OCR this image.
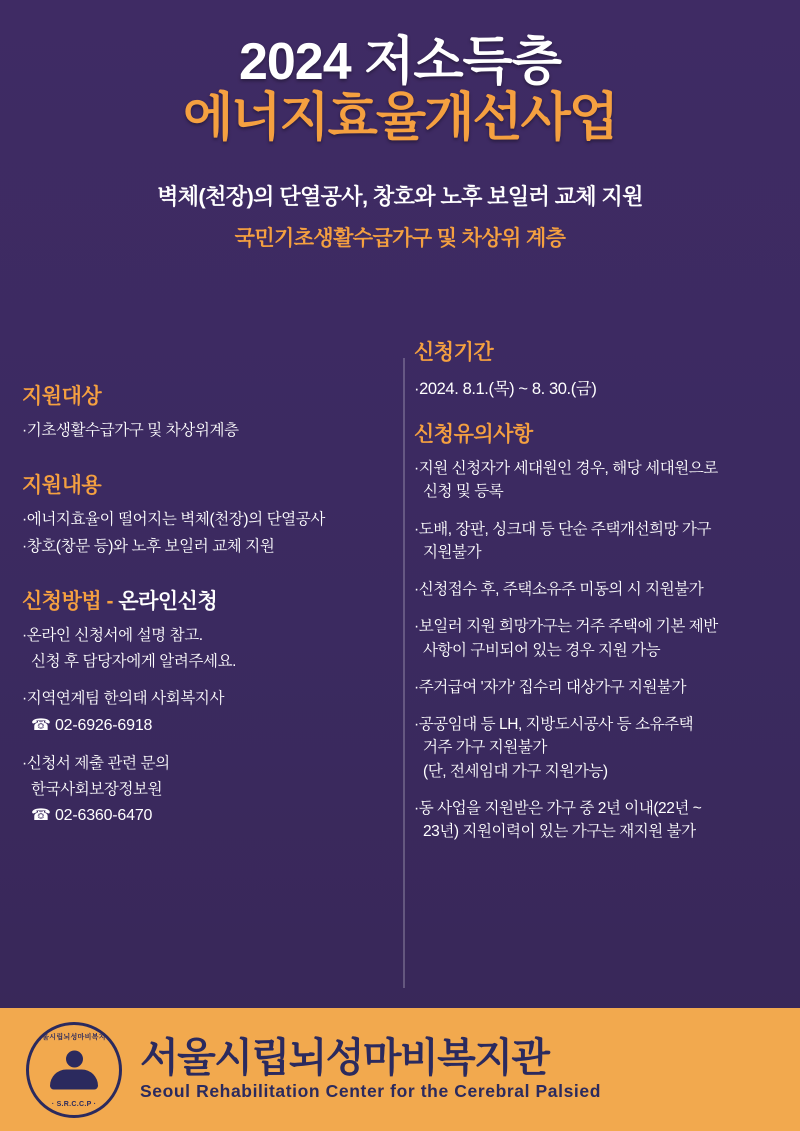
2024 저소득층
에너지효율개선사업
벽체(천장)의 단열공사, 창호와 노후 보일러 교체 지원
국민기초생활수급가구 및 차상위 계층
지원대상
·기초생활수급가구 및 차상위계층
지원내용
·에너지효율이 떨어지는 벽체(천장)의 단열공사
·창호(창문 등)와 노후 보일러 교체 지원
신청방법 - 온라인신청
·온라인 신청서에 설명 참고.
신청 후 담당자에게 알려주세요.
·지역연계팀 한의태 사회복지사
☎ 02-6926-6918
·신청서 제출 관련 문의
한국사회보장정보원
☎ 02-6360-6470
신청기간
·2024. 8.1.(목) ~ 8. 30.(금)
신청유의사항
·지원 신청자가 세대원인 경우, 해당 세대원으로
신청 및 등록
·도배, 장판, 싱크대 등 단순 주택개선희망 가구
지원불가
·신청접수 후, 주택소유주 미동의 시 지원불가
·보일러 지원 희망가구는 거주 주택에 기본 제반
사항이 구비되어 있는 경우 지원 가능
·주거급여 '자가' 집수리 대상가구 지원불가
·공공임대 등 LH, 지방도시공사 등 소유주택
거주 가구 지원불가
(단, 전세임대 가구 지원가능)
·동 사업을 지원받은 가구 중 2년 이내(22년 ~
23년) 지원이력이 있는 가구는 재지원 불가
서울시립뇌성마비복지관
· S.R.C.C.P ·
서울시립뇌성마비복지관
Seoul Rehabilitation Center for the Cerebral Palsied
